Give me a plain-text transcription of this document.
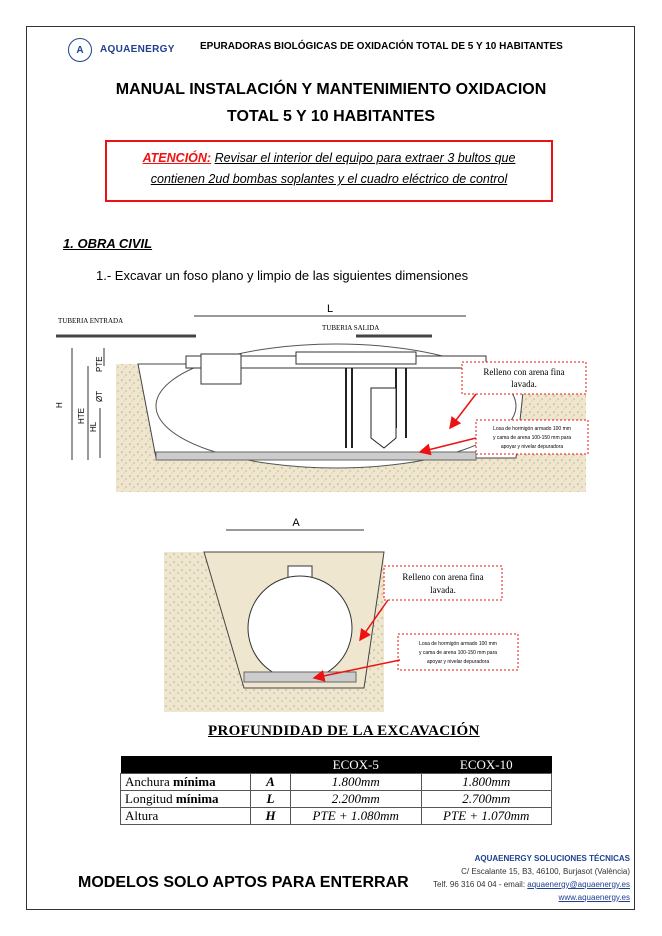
A	AQUAENERGY	EPURADORAS BIOLÓGICAS DE OXIDACIÓN TOTAL DE 5 Y 10 HABITANTES
MANUAL INSTALACIÓN Y MANTENIMIENTO OXIDACION
TOTAL 5 Y 10 HABITANTES
ATENCIÓN: Revisar el interior del equipo para extraer 3 bultos que
contienen 2ud bombas soplantes y el cuadro eléctrico de control
1. OBRA CIVIL
1.- Excavar un foso plano y limpio de las siguientes dimensiones
L
TUBERIA ENTRADA
TUBERIA SALIDA
H
HTE
PTE
ØT
HL
Relleno con arena fina
lavada.
Losa de hormigón armado 100 mm
y cama de arena 100-150 mm para
apoyar y nivelar depuradora
A
Relleno con arena fina
lavada.
Losa de hormigón armado 100 mm
y cama de arena 100-150 mm para
apoyar y nivelar depuradora
PROFUNDIDAD DE LA EXCAVACIÓN
		ECOX-5	ECOX-10
Anchura mínima	A	1.800mm	1.800mm
Longitud mínima	L	2.200mm	2.700mm
Altura	H	PTE + 1.080mm	PTE + 1.070mm
MODELOS SOLO APTOS PARA ENTERRAR
AQUAENERGY SOLUCIONES TÉCNICAS
C/ Escalante 15, B3, 46100, Burjasot (València)
Telf. 96 316 04 04 - email: aquaenergy@aquaenergy.es
www.aquaenergy.es
